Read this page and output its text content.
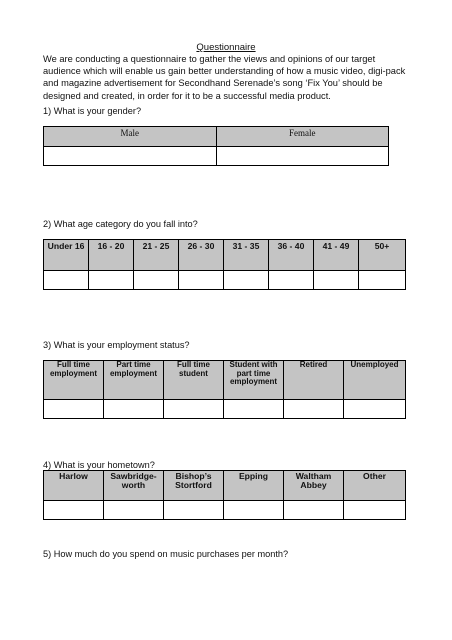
Questionnaire
We are conducting a questionnaire to gather the views and opinions of our target audience which will enable us gain better understanding of how a music video, digi-pack and magazine advertisement for Secondhand Serenade’s song ‘Fix You’ should be designed and created, in order for it to be a successful media product.
1) What is your gender?
Male	Female

2) What age category do you fall into?
Under 16	16 - 20	21 - 25	26 - 30	31 - 35	36 - 40	41 - 49	50+

3) What is your employment status?
Full time employment	Part time employment	Full time student	Student with part time employment	Retired	Unemployed

4) What is your hometown?
Harlow	Sawbridge-worth	Bishop’s Stortford	Epping	Waltham Abbey	Other

5) How much do you spend on music purchases per month?
